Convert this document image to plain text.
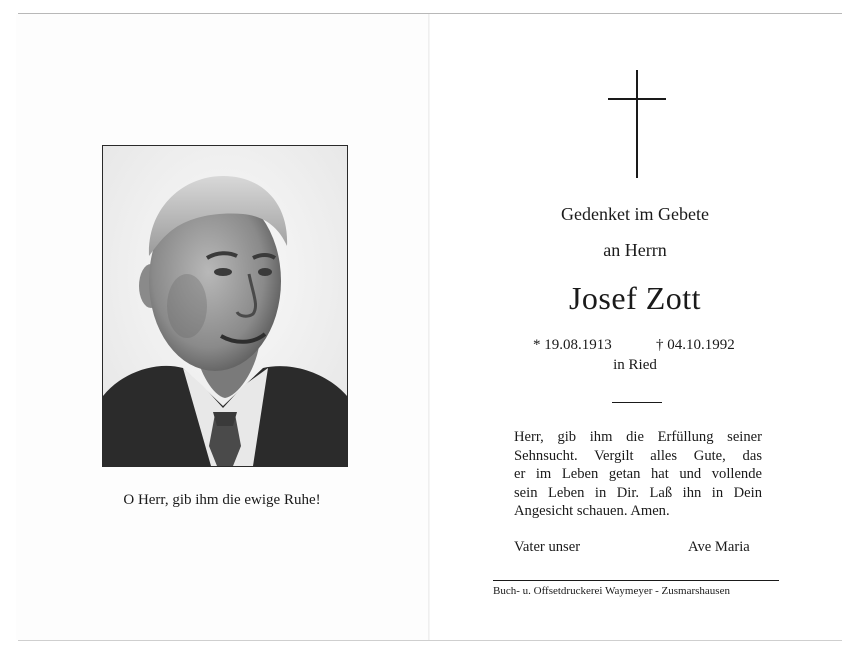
O Herr, gib ihm die ewige Ruhe!
Gedenket im Gebete
an Herrn
Josef Zott
* 19.08.1913	† 04.10.1992
in Ried
Herr, gib ihm die Erfüllung seiner
Sehnsucht. Vergilt alles Gute, das
er im Leben getan hat und vollende
sein Leben in Dir. Laß ihn in Dein
Angesicht schauen. Amen.
Vater unser	Ave Maria
Buch- u. Offsetdruckerei Waymeyer - Zusmarshausen
